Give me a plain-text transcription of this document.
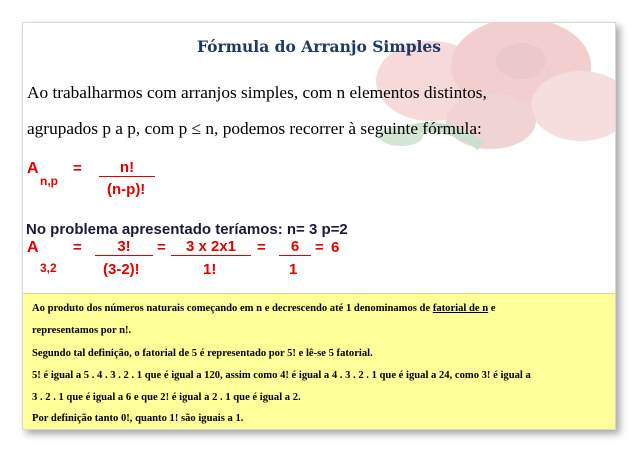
Fórmula do Arranjo Simples
Ao trabalharmos com arranjos simples, com n elementos distintos,
agrupados p a p, com p ≤ n, podemos recorrer à seguinte fórmula:
A
n,p
=	n!
(n-p)!
No problema apresentado teríamos: n= 3 p=2
A
3,2
=	3!
(3-2)!
=	3 x 2x1
1!
=	6
1
= 6
Ao produto dos números naturais começando em n e decrescendo até 1 denominamos de fatorial de n e
representamos por n!.
Segundo tal definição, o fatorial de 5 é representado por 5! e lê-se 5 fatorial.
5! é igual a 5 . 4 . 3 . 2 . 1 que é igual a 120, assim como 4! é igual a 4 . 3 . 2 . 1 que é igual a 24, como 3! é igual a
3 . 2 . 1 que é igual a 6 e que 2! é igual a 2 . 1 que é igual a 2.
Por definição tanto 0!, quanto 1! são iguais a 1.
